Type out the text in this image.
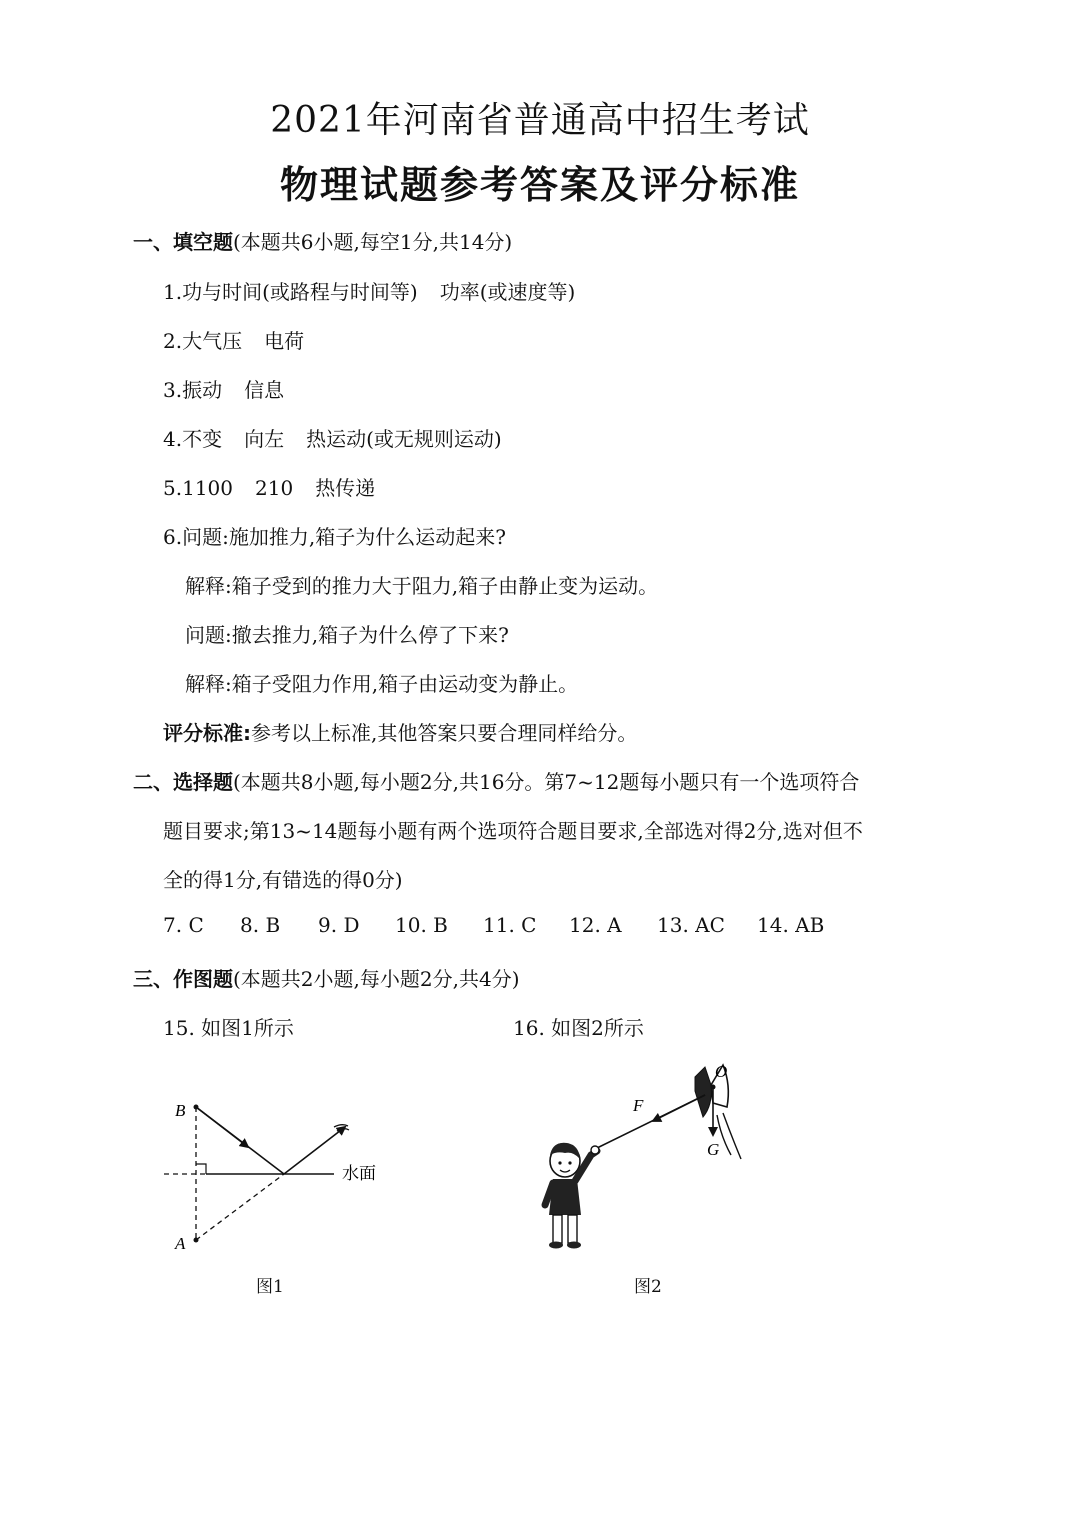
2021年河南省普通高中招生考试
物理试题参考答案及评分标准
一、填空题(本题共6小题,每空1分,共14分)
1.功与时间(或路程与时间等) 功率(或速度等)
2.大气压 电荷
3.振动 信息
4.不变 向左 热运动(或无规则运动)
5.1100 210 热传递
6.问题:施加推力,箱子为什么运动起来?
解释:箱子受到的推力大于阻力,箱子由静止变为运动。
问题:撤去推力,箱子为什么停了下来?
解释:箱子受阻力作用,箱子由运动变为静止。
评分标准:参考以上标准,其他答案只要合理同样给分。
二、选择题(本题共8小题,每小题2分,共16分。第7~12题每小题只有一个选项符合
题目要求;第13~14题每小题有两个选项符合题目要求,全部选对得2分,选对但不
全的得1分,有错选的得0分)
7. C 8. B 9. D 10. B 11. C 12. A 13. AC 14. AB
三、作图题(本题共2小题,每小题2分,共4分)
15. 如图1所示	16. 如图2所示
B
A
水面
图1
F
O
G
图2
